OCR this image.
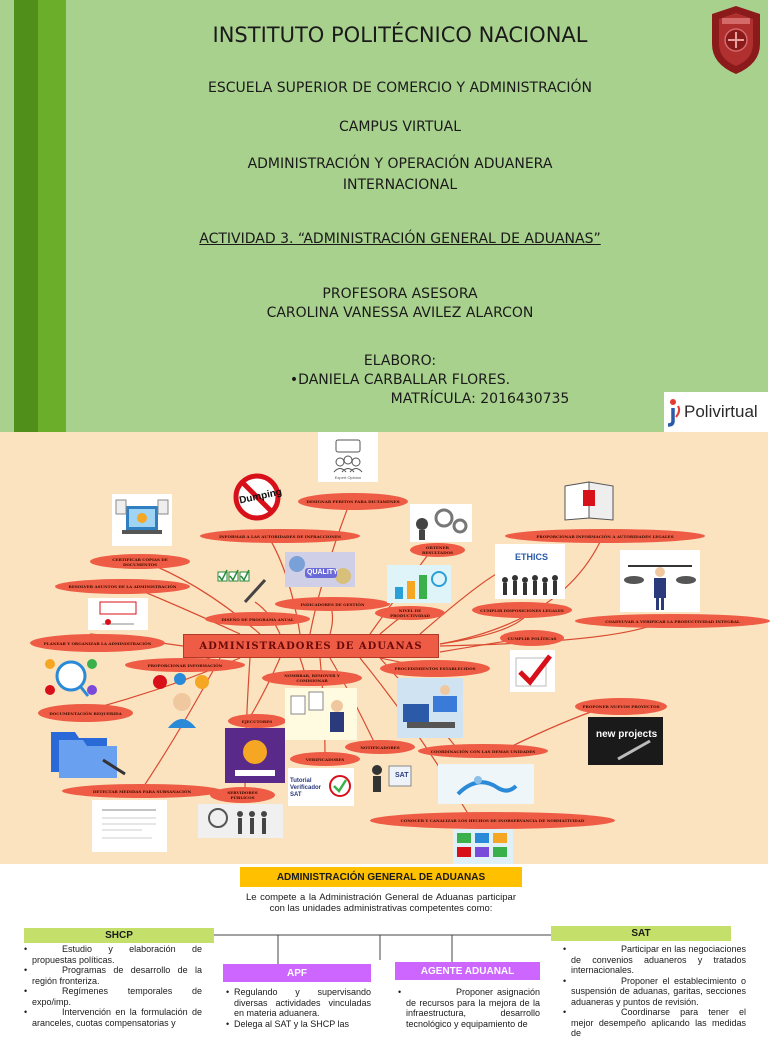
INSTITUTO POLITÉCNICO NACIONAL
ESCUELA SUPERIOR DE COMERCIO Y ADMINISTRACIÓN
CAMPUS VIRTUAL
ADMINISTRACIÓN Y OPERACIÓN ADUANERA
INTERNACIONAL
ACTIVIDAD 3. “ADMINISTRACIÓN GENERAL DE ADUANAS”
PROFESORA ASESORA
CAROLINA VANESSA AVILEZ ALARCON
ELABORO:
•DANIELA CARBALLAR FLORES.
MATRÍCULA: 2016430735
Polivirtual
ADMINISTRADORES DE ADUANAS
DESIGNAR PERITOS PARA DICTAMENES
INFORMAR A LAS AUTORIDADES DE INFRACCIONES
CERTIFICAR COPIAS DE DOCUMENTOS
RESOLVER ASUNTOS DE LA ADMINISTRACIÓN
DISEÑO DE PROGRAMA ANUAL
INDICADORES DE GESTIÓN
OBTENER RESULTADOS
NIVEL DE PRODUCTIVIDAD
PROPORCIONAR INFORMACIÓN A AUTORIDADES LEGALES
CUMPLIR DISPOSICIONES LEGALES
COADYUVAR A VERIFICAR LA PRODUCTIVIDAD INTEGRAL
PLANEAR Y ORGANIZAR LA ADMINISTRACIÓN
PROPORCIONAR INFORMACIÓN
CUMPLIR POLÍTICAS
PROCEDIMIENTOS ESTABLECIDOS
NOMBRAR, REMOVER Y COMISIONAR
DOCUMENTACIÓN REQUERIDA
EJECUTORES
NOTIFICADORES
COORDINACIÓN CON LAS DEMAS UNIDADES
PROPONER NUEVOS PROYECTOS
VERIFICADORES
DETECTAR MEDIDAS PARA SUBSANACIÓN	SERVIDORES PÚBLICOS
CONOCER Y CANALIZAR LOS HECHOS DE INOBSERVANCIA DE NORMATIVIDAD
Expert Opinion
Dumping
QUALITY
ETHICS
Tutorial Verificador SAT
SAT
new projects
ADMINISTRACIÓN GENERAL DE ADUANAS
Le compete a la Administración General de Aduanas participar con las unidades administrativas competentes como:
SHCP	SAT
APF	AGENTE ADUANAL
•	Estudio y elaboración de propuestas políticas.
•	Programas de desarrollo de la región fronteriza.
•	Regímenes temporales de expo/imp.
•	Intervención en la formulación de aranceles, cuotas compensatorias y
• Regulando y supervisando diversas actividades vinculadas en materia aduanera.
• Delega al SAT y la SHCP las
•	Proponer asignación de recursos para la mejora de la infraestructura, desarrollo tecnológico y equipamiento de
•	Participar en las negociaciones de convenios aduaneros y tratados internacionales.
•	Proponer el establecimiento o suspensión de aduanas, garitas, secciones aduaneras y puntos de revisión.
•	Coordinarse para tener el mejor desempeño aplicando las medidas de
